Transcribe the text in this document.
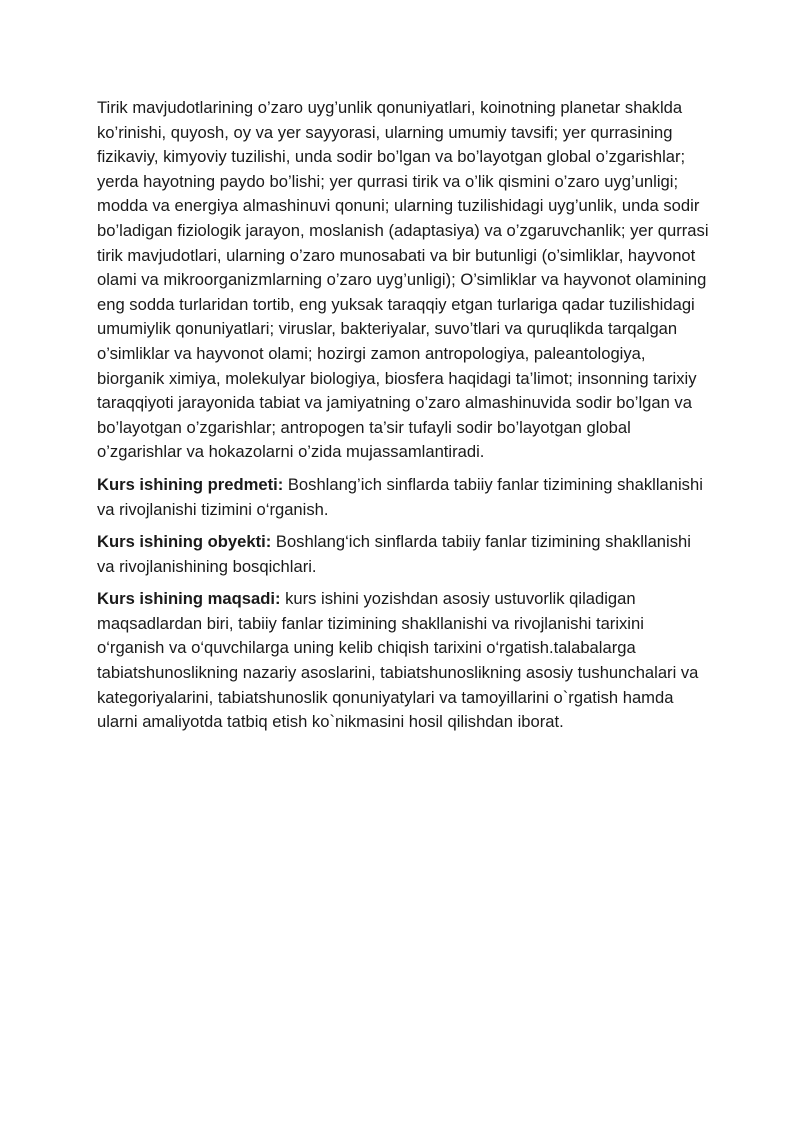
Tirik mavjudotlarining o’zaro uyg’unlik qonuniyatlari, koinotning planetar shaklda ko’rinishi, quyosh, oy va yer sayyorasi, ularning umumiy tavsifi; yer qurrasining fizikaviy, kimyoviy tuzilishi, unda sodir bo’lgan va bo’layotgan global o’zgarishlar; yerda hayotning paydo bo’lishi; yer qurrasi tirik va o’lik qismini o’zaro uyg’unligi; modda va energiya almashinuvi qonuni; ularning tuzilishidagi uyg’unlik, unda sodir bo’ladigan fiziologik jarayon, moslanish (adaptasiya) va o’zgaruvchanlik; yer qurrasi tirik mavjudotlari, ularning o’zaro munosabati va bir butunligi (o’simliklar, hayvonot olami va mikroorganizmlarning o’zaro uyg’unligi); O’simliklar va hayvonot olamining eng sodda turlaridan tortib, eng yuksak taraqqiy etgan turlariga qadar tuzilishidagi umumiylik qonuniyatlari; viruslar, bakteriyalar, suvo’tlari va quruqlikda tarqalgan o’simliklar va hayvonot olami; hozirgi zamon antropologiya, paleantologiya, biorganik ximiya, molekulyar biologiya, biosfera haqidagi ta’limot; insonning tarixiy taraqqiyoti jarayonida tabiat va jamiyatning o’zaro almashinuvida sodir bo’lgan va bo’layotgan o’zgarishlar; antropogen ta’sir tufayli sodir bo’layotgan global o’zgarishlar va hokazolarni o’zida mujassamlantiradi.

Kurs ishining predmeti: Boshlang’ich sinflarda tabiiy fanlar tizimining shakllanishi va rivojlanishi tizimini o‘rganish.

Kurs ishining obyekti: Boshlang‘ich sinflarda tabiiy fanlar tizimining shakllanishi va rivojlanishining bosqichlari.

Kurs ishining maqsadi: kurs ishini yozishdan asosiy ustuvorlik qiladigan maqsadlardan biri, tabiiy fanlar tizimining shakllanishi va rivojlanishi tarixini o‘rganish va o‘quvchilarga uning kelib chiqish tarixini o‘rgatish.talabalarga tabiatshunoslikning nazariy asoslarini, tabiatshunoslikning asosiy tushunchalari va kategoriyalarini, tabiatshunoslik qonuniyatylari va tamoyillarini o`rgatish hamda ularni amaliyotda tatbiq etish ko`nikmasini hosil qilishdan iborat.
